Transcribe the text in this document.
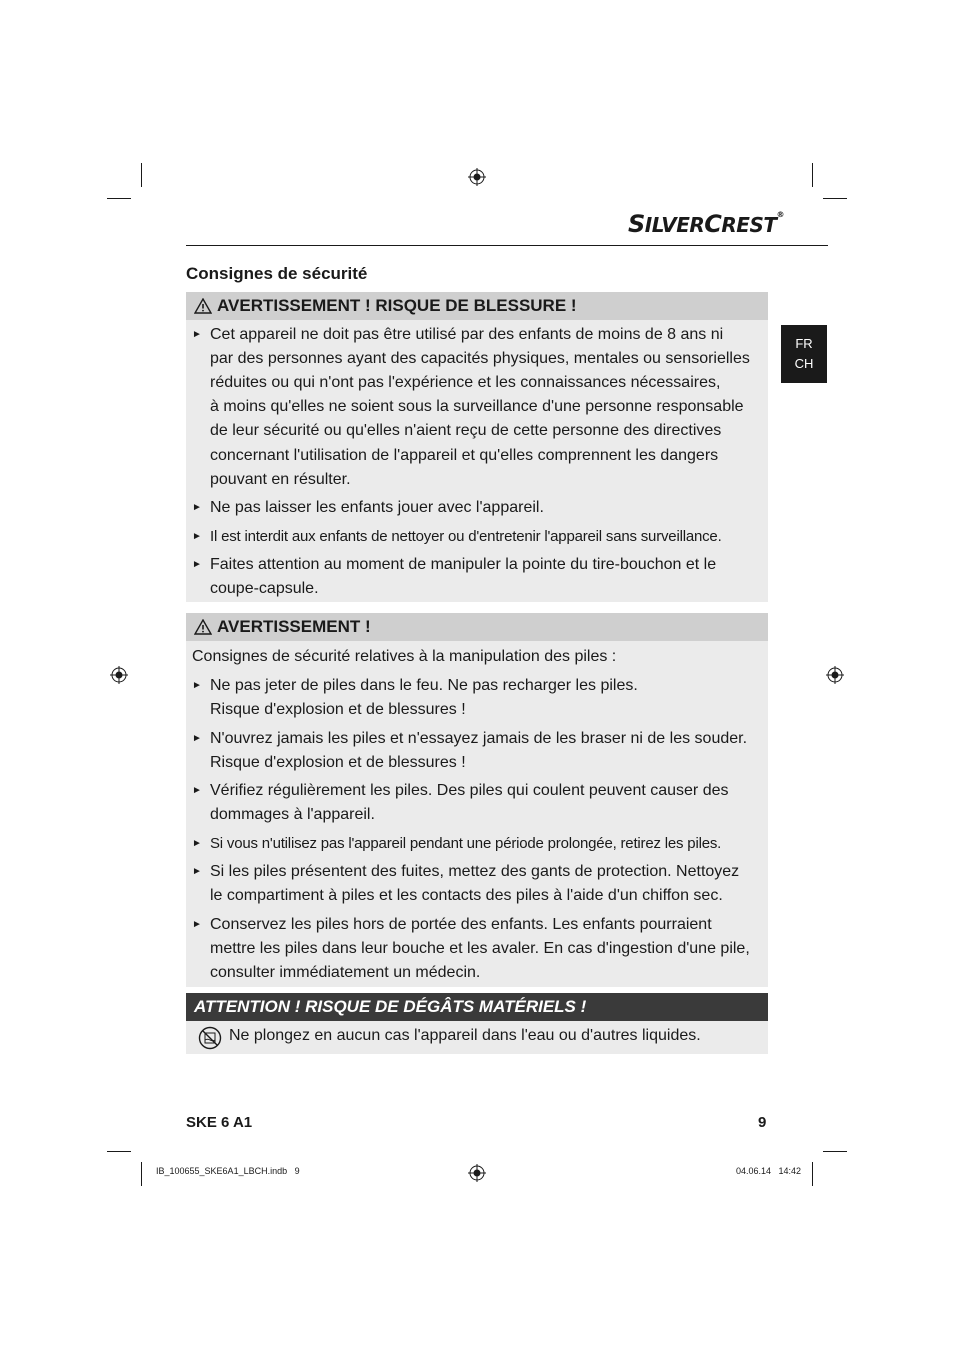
SILVERCREST®
Consignes de sécurité
FR
CH
AVERTISSEMENT ! RISQUE DE BLESSURE !
► Cet appareil ne doit pas être utilisé par des enfants de moins de 8 ans ni
par des personnes ayant des capacités physiques, mentales ou sensorielles
réduites ou qui n'ont pas l'expérience et les connaissances nécessaires,
à moins qu'elles ne soient sous la surveillance d'une personne responsable
de leur sécurité ou qu'elles n'aient reçu de cette personne des directives
concernant l'utilisation de l'appareil et qu'elles comprennent les dangers
pouvant en résulter.
► Ne pas laisser les enfants jouer avec l'appareil.
► Il est interdit aux enfants de nettoyer ou d'entretenir l'appareil sans surveillance.
► Faites attention au moment de manipuler la pointe du tire-bouchon et le
coupe-capsule.
AVERTISSEMENT !
Consignes de sécurité relatives à la manipulation des piles :
► Ne pas jeter de piles dans le feu. Ne pas recharger les piles.
Risque d'explosion et de blessures !
► N'ouvrez jamais les piles et n'essayez jamais de les braser ni de les souder.
Risque d'explosion et de blessures !
► Vérifiez régulièrement les piles. Des piles qui coulent peuvent causer des
dommages à l'appareil.
► Si vous n'utilisez pas l'appareil pendant une période prolongée, retirez les piles.
► Si les piles présentent des fuites, mettez des gants de protection. Nettoyez
le compartiment à piles et les contacts des piles à l'aide d'un chiffon sec.
► Conservez les piles hors de portée des enfants. Les enfants pourraient
mettre les piles dans leur bouche et les avaler. En cas d'ingestion d'une pile,
consulter immédiatement un médecin.
ATTENTION ! RISQUE DE DÉGÂTS MATÉRIELS !
Ne plongez en aucun cas l'appareil dans l'eau ou d'autres liquides.
SKE 6 A1	9
IB_100655_SKE6A1_LBCH.indb   9	04.06.14   14:42
